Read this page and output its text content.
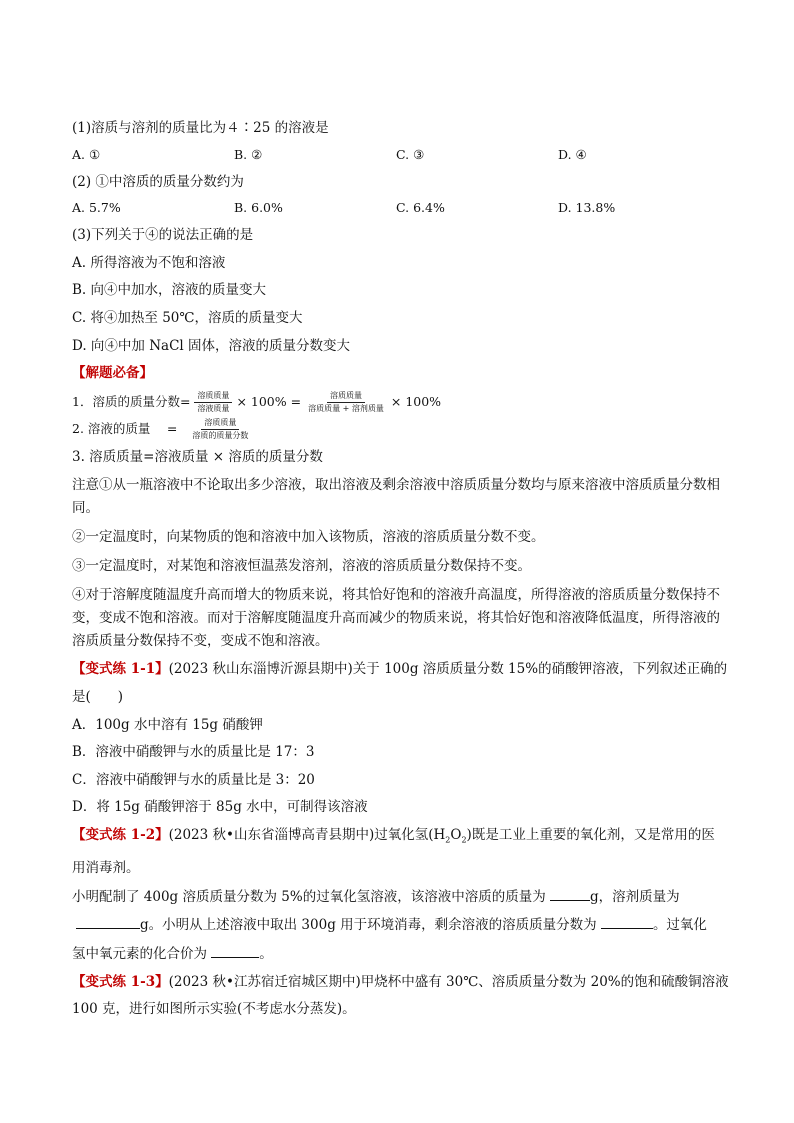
(1)溶质与溶剂的质量比为４∶25 的溶液是
A. ①	B. ②	C. ③	D. ④
(2) ①中溶质的质量分数约为
A. 5.7%	B. 6.0%	C. 6.4%	D. 13.8%
(3)下列关于④的说法正确的是
A. 所得溶液为不饱和溶液
B. 向④中加水，溶液的质量变大
C. 将④加热至 50℃，溶质的质量变大
D. 向④中加 NaCl 固体，溶液的质量分数变大
【解题必备】
1．溶质的质量分数= $\frac{\text{溶质质量}}{\text{溶液质量}} \times 100\% = \frac{\text{溶质质量}}{\text{溶质质量 + 溶剂质量}} \times 100\%$
2. 溶液的质量　 = $\frac{\text{溶质质量}}{\text{溶质的质量分数}}$
3. 溶质质量=溶液质量 × 溶质的质量分数
注意①从一瓶溶液中不论取出多少溶液，取出溶液及剩余溶液中溶质质量分数均与原来溶液中溶质质量分数相同。
②一定温度时，向某物质的饱和溶液中加入该物质，溶液的溶质质量分数不变。
③一定温度时，对某饱和溶液恒温蒸发溶剂，溶液的溶质质量分数保持不变。
④对于溶解度随温度升高而增大的物质来说，将其恰好饱和的溶液升高温度，所得溶液的溶质质量分数保持不变，变成不饱和溶液。而对于溶解度随温度升高而减少的物质来说，将其恰好饱和溶液降低温度，所得溶液的溶质质量分数保持不变，变成不饱和溶液。
【变式练 1-1】(2023 秋山东淄博沂源县期中)关于 100g 溶质质量分数 15%的硝酸钾溶液，下列叙述正确的
是(　　)
A．100g 水中溶有 15g 硝酸钾
B．溶液中硝酸钾与水的质量比是 17：3
C．溶液中硝酸钾与水的质量比是 3：20
D．将 15g 硝酸钾溶于 85g 水中，可制得该溶液
【变式练 1-2】(2023 秋•山东省淄博高青县期中)过氧化氢$(H_2O_2)$既是工业上重要的氧化剂，又是常用的医
用消毒剂。
小明配制了 400g 溶质质量分数为 5%的过氧化氢溶液，该溶液中溶质的质量为	g，溶剂质量为
g。小明从上述溶液中取出 300g 用于环境消毒，剩余溶液的溶质质量分数为	。过氧化
氢中氧元素的化合价为	。
【变式练 1-3】(2023 秋•江苏宿迁宿城区期中)甲烧杯中盛有 30℃、溶质质量分数为 20%的饱和硫酸铜溶液
100 克，进行如图所示实验(不考虑水分蒸发)。
